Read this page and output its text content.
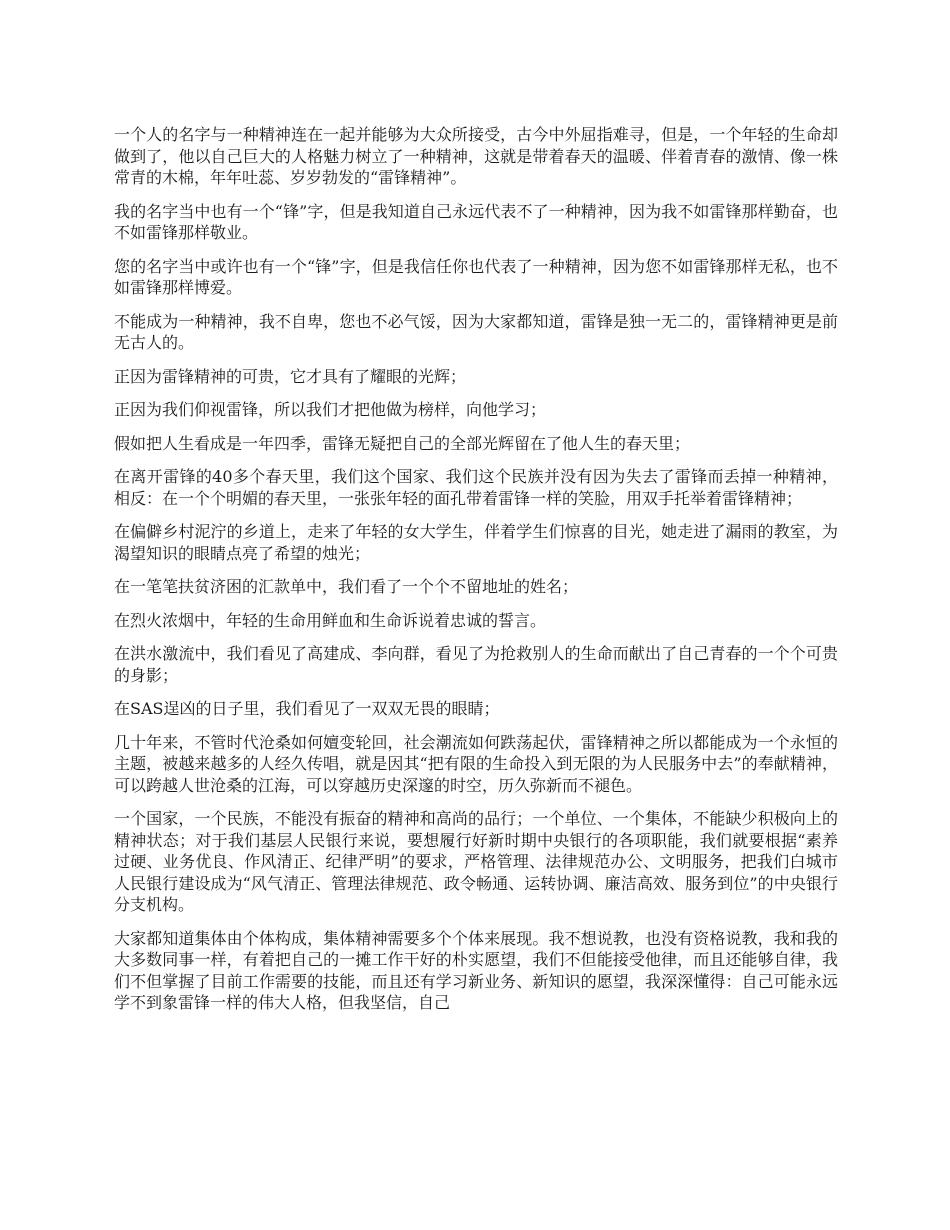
一个人的名字与一种精神连在一起并能够为大众所接受，古今中外屈指难寻，但是，一个年轻的生命却做到了，他以自己巨大的人格魅力树立了一种精神，这就是带着春天的温暖、伴着青春的激情、像一株常青的木棉，年年吐蕊、岁岁勃发的“雷锋精神”。

我的名字当中也有一个“锋”字，但是我知道自己永远代表不了一种精神，因为我不如雷锋那样勤奋，也不如雷锋那样敬业。

您的名字当中或许也有一个“锋”字，但是我信任你也代表了一种精神，因为您不如雷锋那样无私，也不如雷锋那样博爱。

不能成为一种精神，我不自卑，您也不必气馁，因为大家都知道，雷锋是独一无二的，雷锋精神更是前无古人的。

正因为雷锋精神的可贵，它才具有了耀眼的光辉；

正因为我们仰视雷锋，所以我们才把他做为榜样，向他学习；

假如把人生看成是一年四季，雷锋无疑把自己的全部光辉留在了他人生的春天里；

在离开雷锋的40多个春天里，我们这个国家、我们这个民族并没有因为失去了雷锋而丢掉一种精神，相反：在一个个明媚的春天里，一张张年轻的面孔带着雷锋一样的笑脸，用双手托举着雷锋精神；

在偏僻乡村泥泞的乡道上，走来了年轻的女大学生，伴着学生们惊喜的目光，她走进了漏雨的教室，为渴望知识的眼睛点亮了希望的烛光；

在一笔笔扶贫济困的汇款单中，我们看了一个个不留地址的姓名；

在烈火浓烟中，年轻的生命用鲜血和生命诉说着忠诚的誓言。

在洪水激流中，我们看见了高建成、李向群，看见了为抢救别人的生命而献出了自己青春的一个个可贵的身影；

在SAS逞凶的日子里，我们看见了一双双无畏的眼睛；

几十年来，不管时代沧桑如何嬗变轮回，社会潮流如何跌荡起伏，雷锋精神之所以都能成为一个永恒的主题，被越来越多的人经久传唱，就是因其“把有限的生命投入到无限的为人民服务中去”的奉献精神，可以跨越人世沧桑的江海，可以穿越历史深邃的时空，历久弥新而不褪色。

一个国家，一个民族，不能没有振奋的精神和高尚的品行；一个单位、一个集体，不能缺少积极向上的精神状态；对于我们基层人民银行来说，要想履行好新时期中央银行的各项职能，我们就要根据“素养过硬、业务优良、作风清正、纪律严明”的要求，严格管理、法律规范办公、文明服务，把我们白城市人民银行建设成为“风气清正、管理法律规范、政令畅通、运转协调、廉洁高效、服务到位”的中央银行分支机构。

大家都知道集体由个体构成，集体精神需要多个个体来展现。我不想说教，也没有资格说教，我和我的大多数同事一样，有着把自己的一摊工作干好的朴实愿望，我们不但能接受他律，而且还能够自律，我们不但掌握了目前工作需要的技能，而且还有学习新业务、新知识的愿望，我深深懂得：自己可能永远学不到象雷锋一样的伟大人格，但我坚信，自己
